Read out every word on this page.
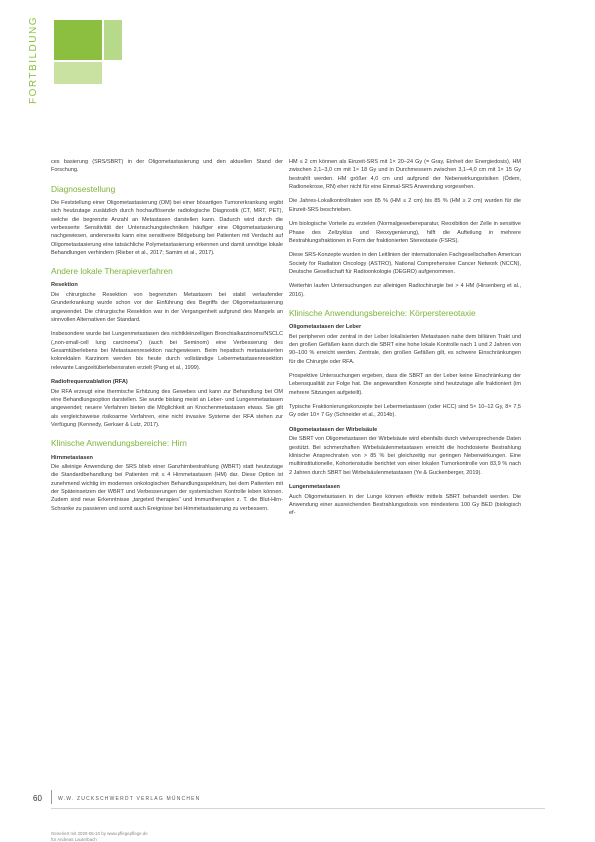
FORTBILDUNG

ces basierung (SRS/SBRT) in der Oligometastasierung und den aktuellen Stand der Forschung.

Diagnosestellung

Die Feststellung einer Oligometastasierung (OM) bei einer bösartigen Tumorerkrankung ergibt sich heutzutage zusätzlich durch hochauflösende radiologische Diagnostik (CT, MRT, PET), welche die begrenzte Anzahl an Metastasen darstellen kann. Dadurch wird durch die verbesserte Sensitivität der Untersuchungstechniken häufiger eine Oligometastasierung nachgewiesen, andererseits kann eine sensitivere Bildgebung bei Patienten mit Verdacht auf Oligometastasierung eine tatsächliche Polymetastasierung erkennen und damit unnötige lokale Behandlungen verhindern (Rieber et al., 2017; Samim et al., 2017).

Andere lokale Therapieverfahren
Resektion

Die chirurgische Resektion von begrenzten Metastasen bei stabil verlaufender Grunderkrankung wurde schon vor der Einführung des Begriffs der Oligometastasierung angewendet. Die chirurgische Resektion war in der Vergangenheit aufgrund des Mangels an sinnvollen Alternativen der Standard.

Insbesondere wurde bei Lungenmetastasen des nichtkleinzelligen Bronchialkarzinoms/NSCLC („non-small-cell lung carcinoma“) (auch bei Seminom) eine Verbesserung des Gesamtüberlebens bei Metastasenresektion nachgewiesen. Beim hepatisch metastasierten kolorektalen Karzinom werden bis heute durch vollständige Lebermetastasenresektion relevante Langzeitüberlebensraten erzielt (Pang et al., 1999).

Radiofrequenzablation (RFA)

Die RFA erzeugt eine thermische Erhitzung des Gewebes und kann zur Behandlung bei OM eine Behandlungsoption darstellen. Sie wurde bislang meist an Leber- und Lungenmetastasen angewendet; neuere Verfahren bieten die Möglichkeit an Knochenmetastasen etwas. Sie gilt als vergleichsweise risikoarme Verfahren, eine nicht invasive Systeme der RFA stehen zur Verfügung (Kennedy, Gerkaer & Lutz, 2017).

Klinische Anwendungsbereiche: Hirn
Hirnmetastasen

Die alleinige Anwendung der SRS blieb einer Ganzhirnbestrahlung (WBRT) statt heutzutage die Standardbehandlung bei Patienten mit ≤ 4 Hirnmetastasen (HM) dar. Diese Option ist zunehmend wichtig im modernen onkologischen Behandlungsspektrum, bei dem Patienten mit der Späteinsetzen der WBRT und Verbesserungen der systemischen Kontrolle leben können. Zudem sind neue Erkenntnisse „targeted therapies“ und Immuntherapien z. T. die Blut-Hirn-Schranke zu passieren und somit auch Ereignisse bei Hirnmetastasierung zu verbessern.

HM ≤ 2 cm können als Einzeit-SRS mit 1× 20–24 Gy (= Gray, Einheit der Energiedosis), HM zwischen 2,1–3,0 cm mit 1× 18 Gy und in Durchmessern zwischen 3,1–4,0 cm mit 1× 15 Gy bestrahlt werden. HM größer 4,0 cm und aufgrund der Nebenwirkungsrisiken (Ödem, Radionekrose, RN) eher nicht für eine Einmal-SRS Anwendung vorgesehen.

Die Jahres-Lokalkontrollraten von 85 % (HM ≤ 2 cm) bis 85 % (HM ≥ 2 cm) wurden für die Einzeit-SRS beschrieben.

Um biologische Vorteile zu erzielen (Normalgewebereparatur, Reoxibition der Zelle in sensitive Phase des Zellzyklus und Reoxygenierung), hilft die Aufteilung in mehrere Bestrahlungsfraktionen in Form der fraktionierten Stereotaxie (FSRS).

Diese SRS-Konzepte wurden in den Leitlinien der internationalen Fachgesellschaften American Society for Radiation Oncology (ASTRO), National Comprehensive Cancer Network (NCCN), Deutsche Gesellschaft für Radioonkologie (DEGRO) aufgenommen.

Weiterhin laufen Untersuchungen zur alleinigen Radiochirurgie bei > 4 HM (Hirsenberg et al., 2016).

Klinische Anwendungsbereiche: Körperstereotaxie
Oligometastasen der Leber

Bei peripheren oder zentral in der Leber lokalisierten Metastasen nahe dem biliären Trakt und den großen Gefäßen kann durch die SBRT eine hohe lokale Kontrolle nach 1 und 2 Jahren von 90–100 % erreicht werden. Zentrale, den großen Gefäßen gilt, es schwere Einschränkungen für die Chirurgie oder RFA.

Prospektive Untersuchungen ergeben, dass die SBRT an der Leber keine Einschränkung der Lebensqualität zur Folge hat. Die angewandten Konzepte sind heutzutage alle fraktioniert (im mehrere Sitzungen aufgeteilt).

Typische Fraktionierungskonzepte bei Lebermetastasen (oder HCC) sind 5× 10–12 Gy, 8× 7,5 Gy oder 10× 7 Gy (Schneider et al., 2014b).

Oligometastasen der Wirbelsäule

Die SBRT von Oligometastasen der Wirbelsäule wird ebenfalls durch vielversprechende Daten gestützt. Bei schmerzhaften Wirbelsäulenmetastasen erreicht die hochdosierte Bestrahlung klinische Ansprechraten von > 85 % bei gleichzeitig nur geringen Nebenwirkungen. Eine multiinstitutionelle, Kohortenstudie berichtet von einer lokalen Tumorkontrolle von 83,9 % nach 2 Jahren durch SBRT bei Wirbelsäulenmetastasen (Ye & Guckenberger, 2019).

Lungenmetastasen

Auch Oligometastasen in der Lunge können effektiv mittels SBRT behandelt werden. Die Anwendung einer ausreichenden Bestrahlungsdosis von mindestens 100 Gy BED (biologisch ef-

60	W.W. ZUCKSCHWERDT VERLAG MÜNCHEN
Generiert mit 2020-06-10 by www.pflegepflege.de
für Andreas Lauterbach
